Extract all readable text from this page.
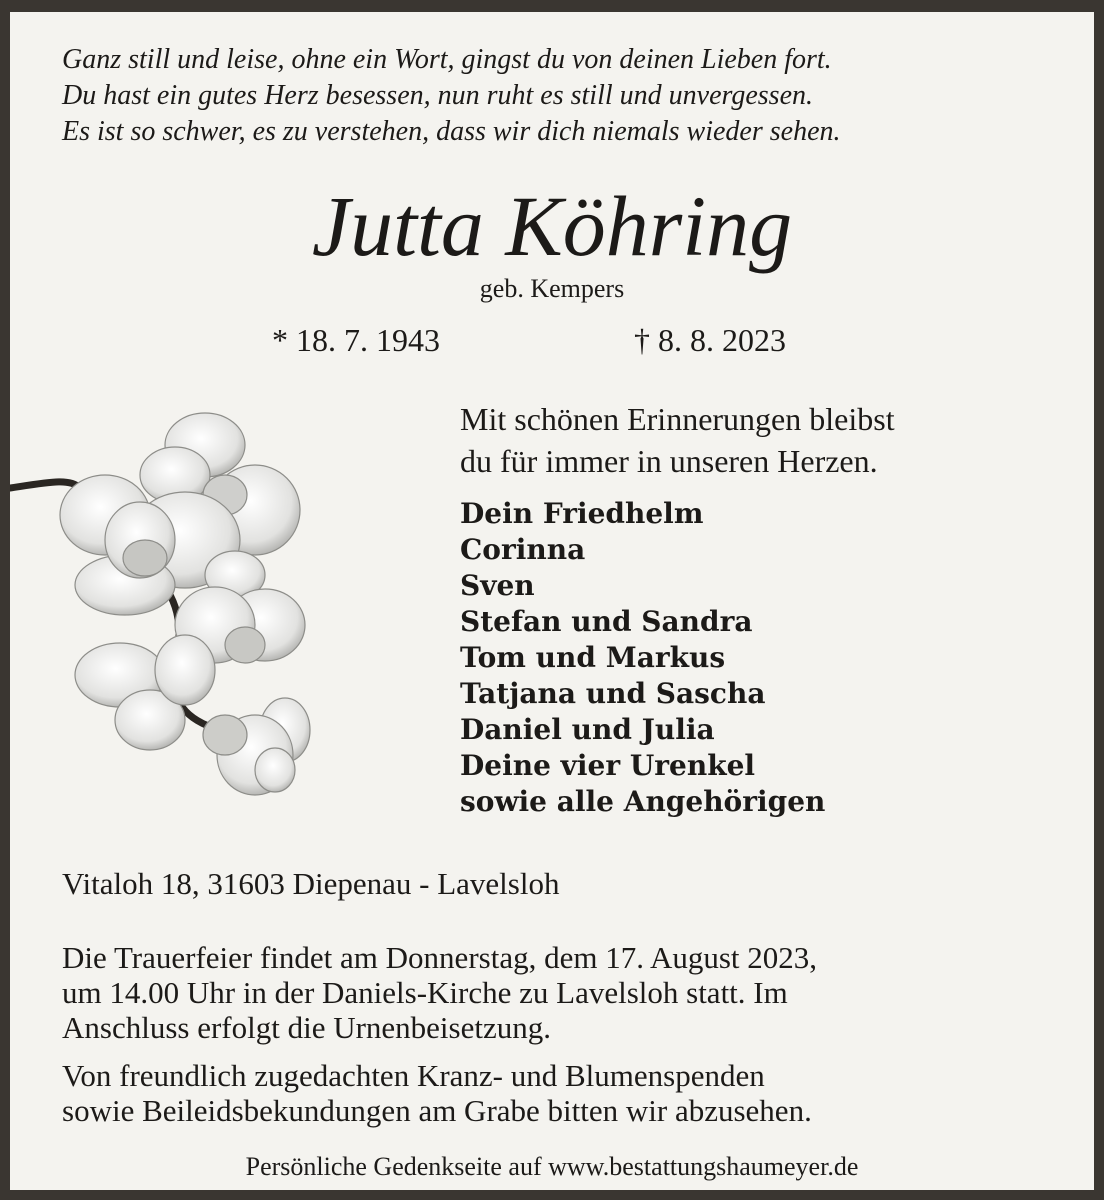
Ganz still und leise, ohne ein Wort, gingst du von deinen Lieben fort.
Du hast ein gutes Herz besessen, nun ruht es still und unvergessen.
Es ist so schwer, es zu verstehen, dass wir dich niemals wieder sehen.
Jutta Köhring
geb. Kempers
* 18. 7. 1943	† 8. 8. 2023
Mit schönen Erinnerungen bleibst
du für immer in unseren Herzen.
Dein Friedhelm
Corinna
Sven
Stefan und Sandra
Tom und Markus
Tatjana und Sascha
Daniel und Julia
Deine vier Urenkel
sowie alle Angehörigen
Vitaloh 18, 31603 Diepenau - Lavelsloh
Die Trauerfeier findet am Donnerstag, dem 17. August 2023,
um 14.00 Uhr in der Daniels-Kirche zu Lavelsloh statt. Im
Anschluss erfolgt die Urnenbeisetzung.
Von freundlich zugedachten Kranz- und Blumenspenden
sowie Beileidsbekundungen am Grabe bitten wir abzusehen.
Persönliche Gedenkseite auf www.bestattungshaumeyer.de
